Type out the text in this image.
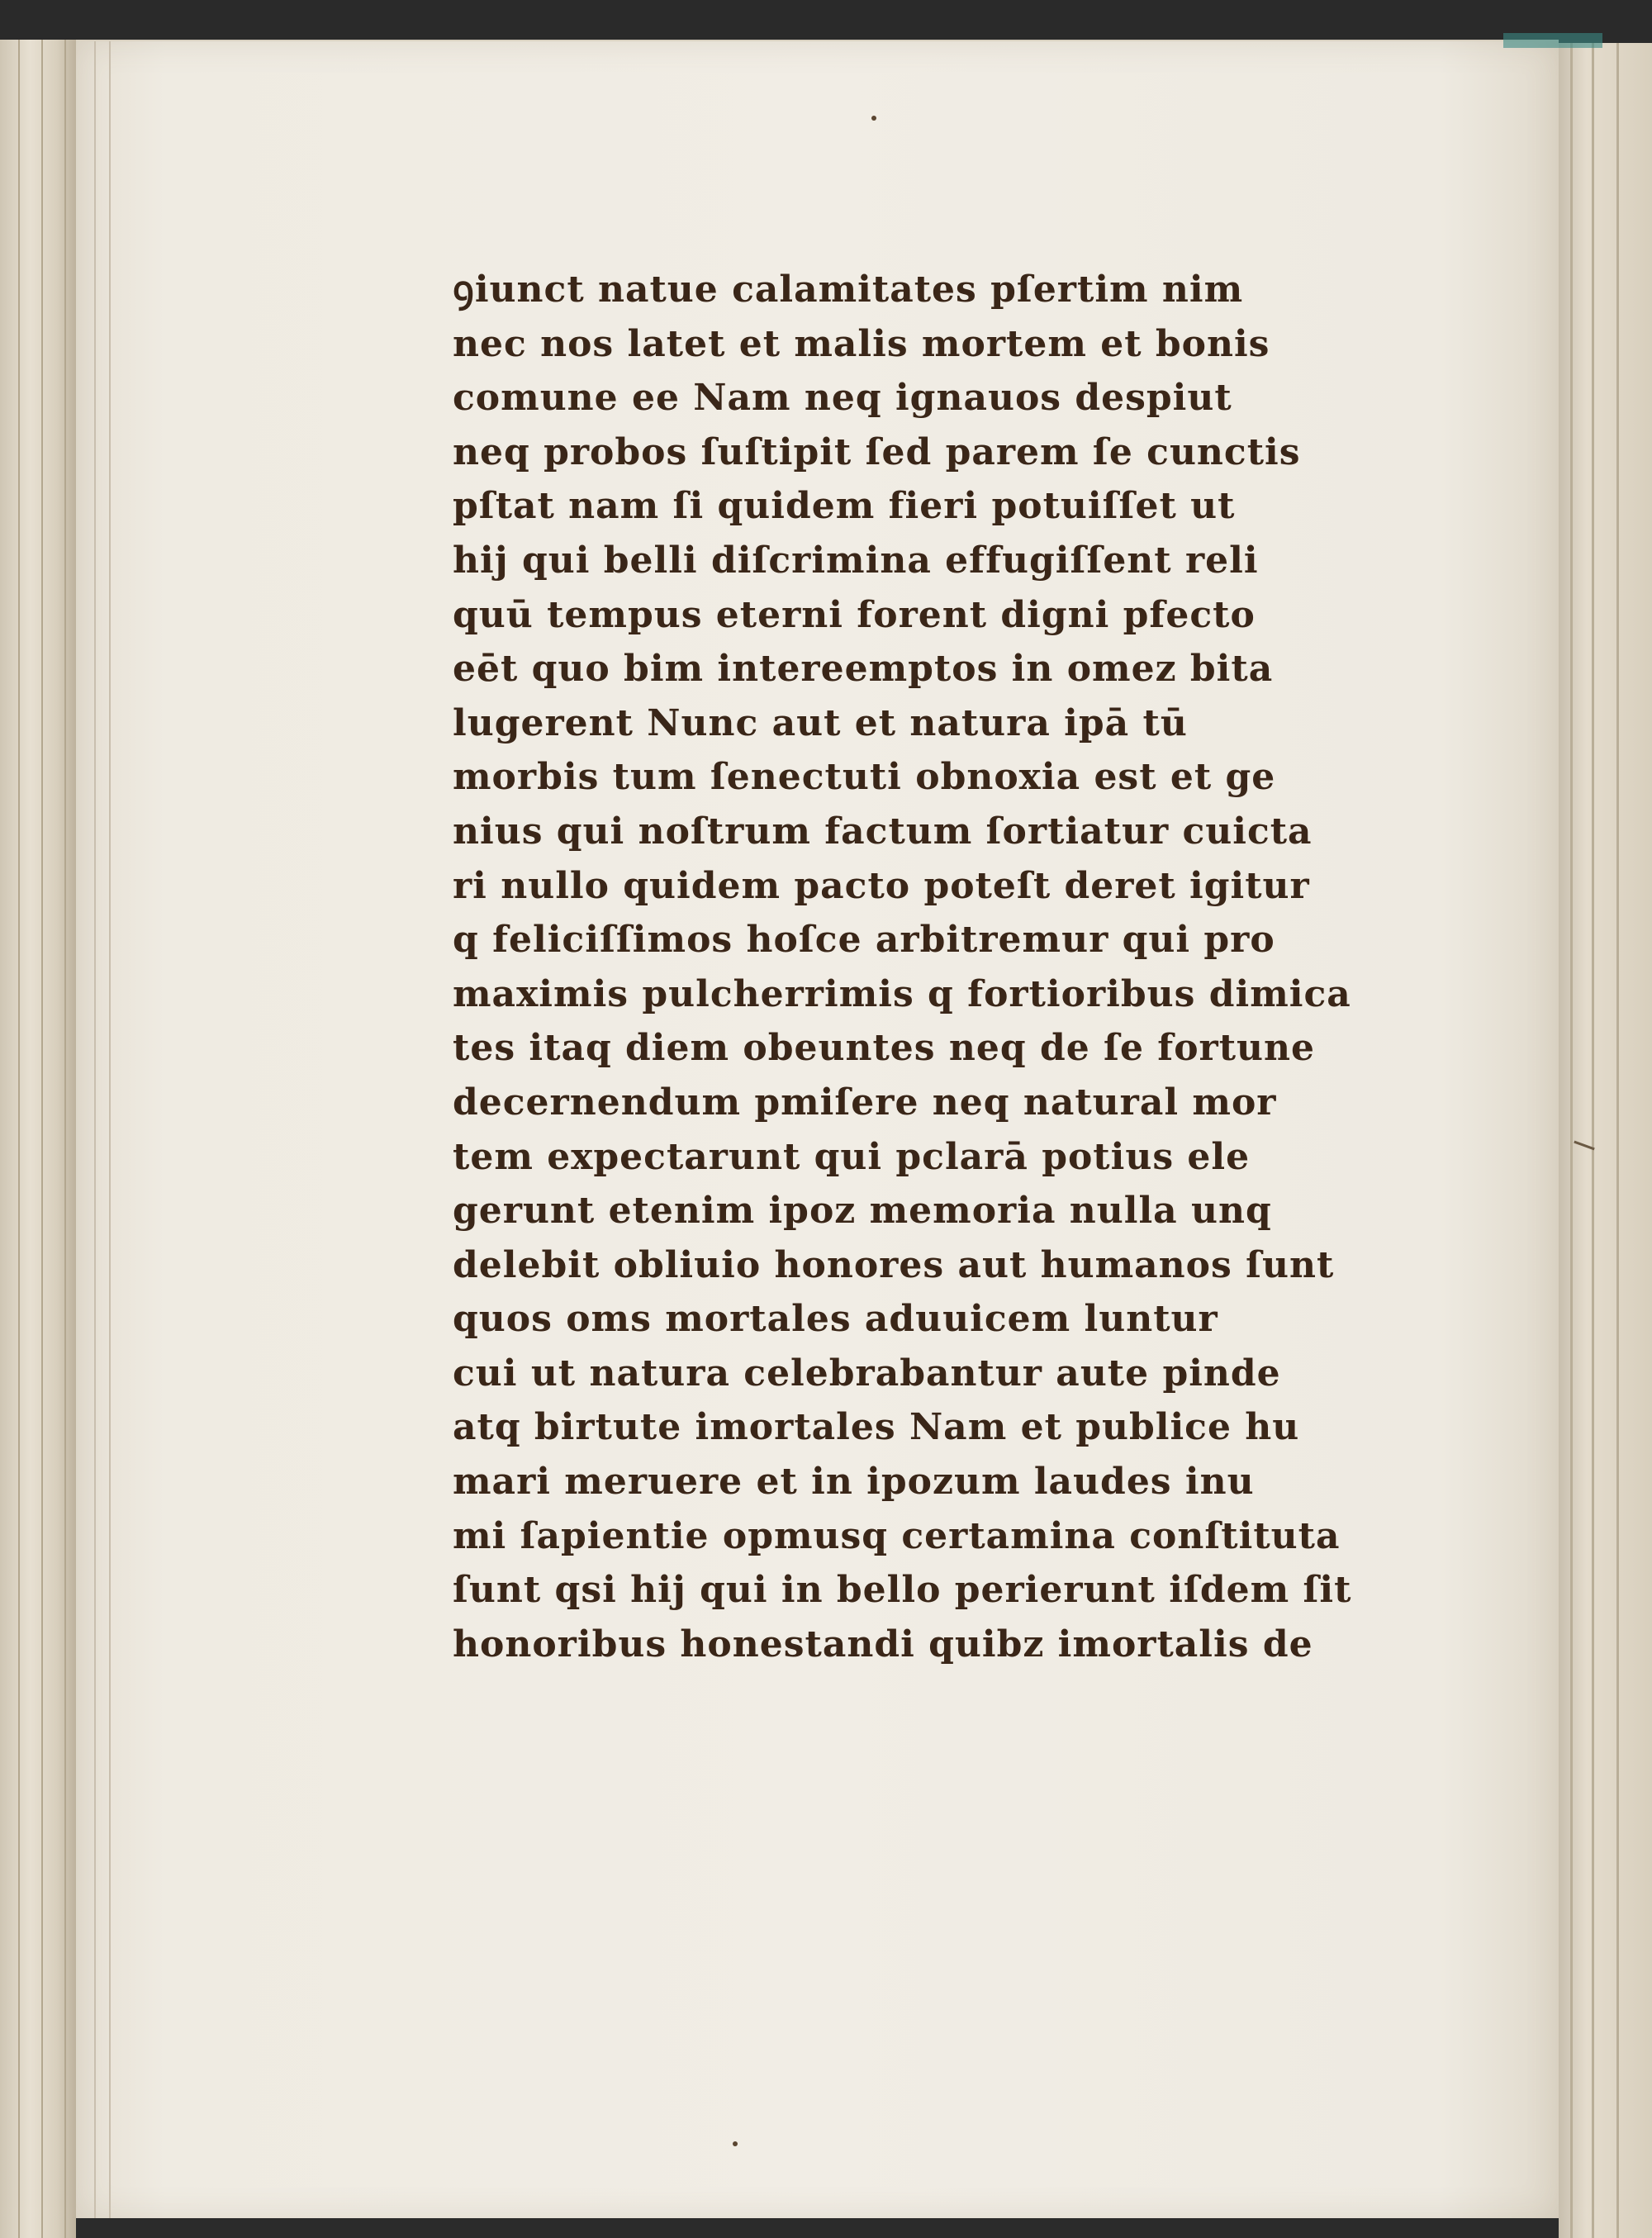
ꝯiunct natue calamitates pſertim nim
nec nos latet et malis mortem et bonis
comune ee Nam neq ignauos despiut
neq probos ſuſtipit ſed parem ſe cunctis
pſtat nam ſi quidem fieri potuiſſet ut
hij qui belli diſcrimina effugiſſent reli
quū tempus eterni forent digni pfecto
eēt quo bim intereemptos in omez bita
lugerent Nunc aut et natura ipā tū
morbis tum ſenectuti obnoxia est et ge
nius qui noſtrum factum ſortiatur cuicta
ri nullo quidem pacto poteſt deret igitur
q feliciſſimos hoſce arbitremur qui pro
maximis pulcherrimis q fortioribus dimica
tes itaq diem obeuntes neq de ſe fortune
decernendum pmiſere neq natural mor
tem expectarunt qui pclarā potius ele
gerunt etenim ipoz memoria nulla unq
delebit obliuio honores aut humanos ſunt
quos oms mortales aduuicem luntur
cui ut natura celebrabantur aute pinde
atq birtute imortales Nam et publice hu
mari meruere et in ipozum laudes inu
mi ſapientie opmusq certamina conſtituta
ſunt qsi hij qui in bello perierunt iſdem ſit
honoribus honestandi quibz imortalis de
